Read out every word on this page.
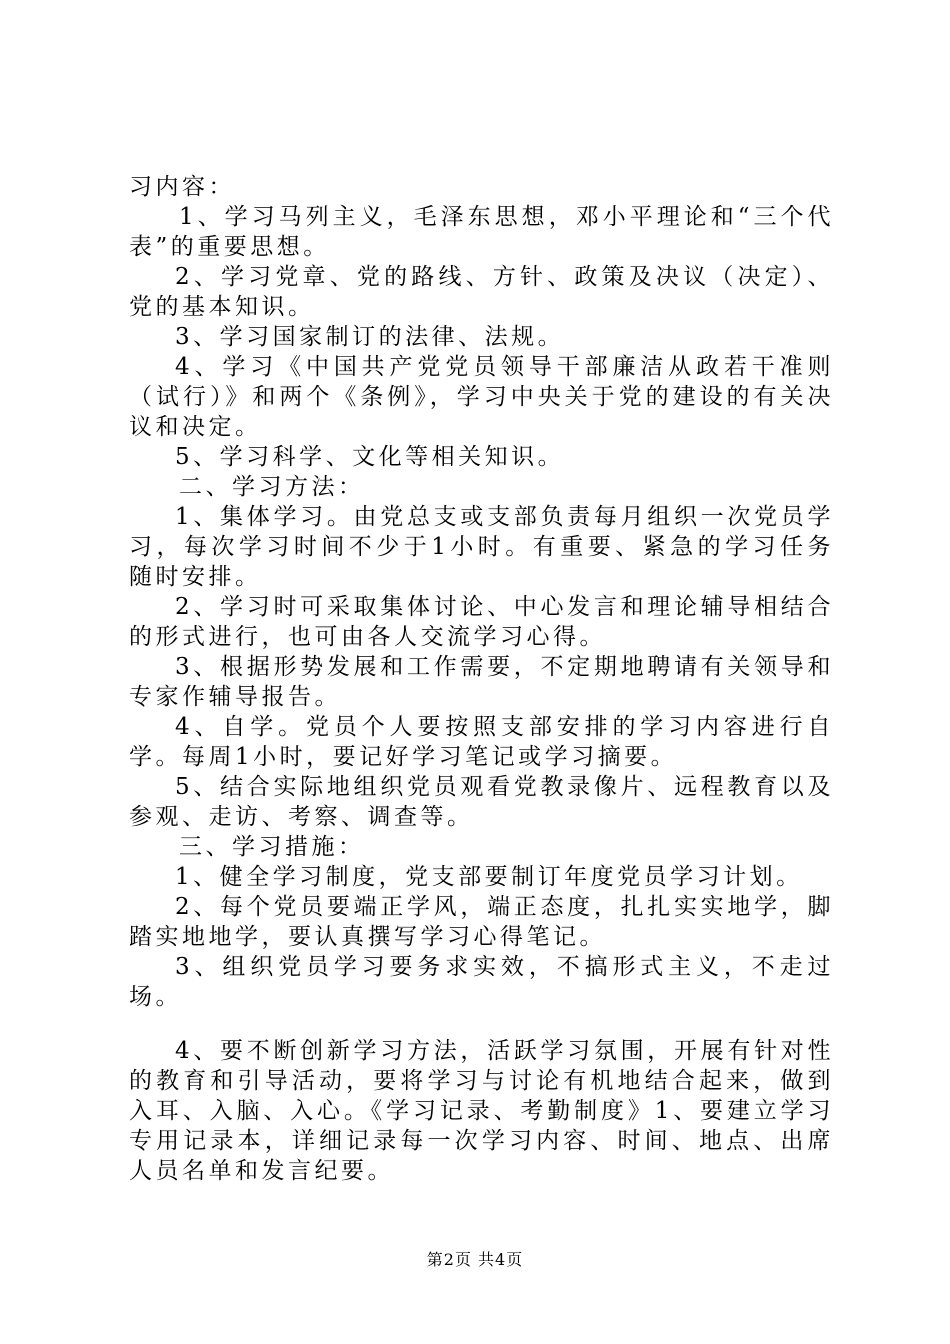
习内容：

1、学习马列主义，毛泽东思想，邓小平理论和“三个代表”的重要思想。

2、学习党章、党的路线、方针、政策及决议（决定）、党的基本知识。

3、学习国家制订的法律、法规。

4、学习《中国共产党党员领导干部廉洁从政若干准则（试行）》和两个《条例》，学习中央关于党的建设的有关决议和决定。

5、学习科学、文化等相关知识。

二、学习方法：

1、集体学习。由党总支或支部负责每月组织一次党员学习，每次学习时间不少于1小时。有重要、紧急的学习任务随时安排。

2、学习时可采取集体讨论、中心发言和理论辅导相结合的形式进行，也可由各人交流学习心得。

3、根据形势发展和工作需要，不定期地聘请有关领导和专家作辅导报告。

4、自学。党员个人要按照支部安排的学习内容进行自学。每周1小时，要记好学习笔记或学习摘要。

5、结合实际地组织党员观看党教录像片、远程教育以及参观、走访、考察、调查等。

三、学习措施：

1、健全学习制度，党支部要制订年度党员学习计划。

2、每个党员要端正学风，端正态度，扎扎实实地学，脚踏实地地学，要认真撰写学习心得笔记。

3、组织党员学习要务求实效，不搞形式主义，不走过场。

4、要不断创新学习方法，活跃学习氛围，开展有针对性的教育和引导活动，要将学习与讨论有机地结合起来，做到入耳、入脑、入心。《学习记录、考勤制度》1、要建立学习专用记录本，详细记录每一次学习内容、时间、地点、出席人员名单和发言纪要。

第2页 共4页
